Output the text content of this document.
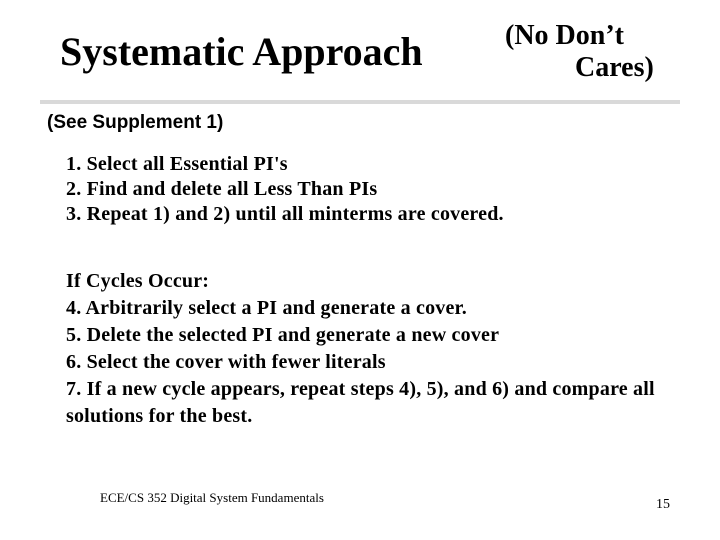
Systematic Approach	(No Don’t
Cares)
(See Supplement 1)
1. Select all Essential PI's
2. Find and delete all Less Than PIs
3. Repeat 1) and 2) until all minterms are covered.
If Cycles Occur:
4. Arbitrarily select a PI and generate a cover.
5. Delete the selected PI and generate a new cover
6. Select the cover with fewer literals
7. If a new cycle appears, repeat steps 4), 5), and 6) and compare all solutions for the best.
ECE/CS 352 Digital System Fundamentals	15
